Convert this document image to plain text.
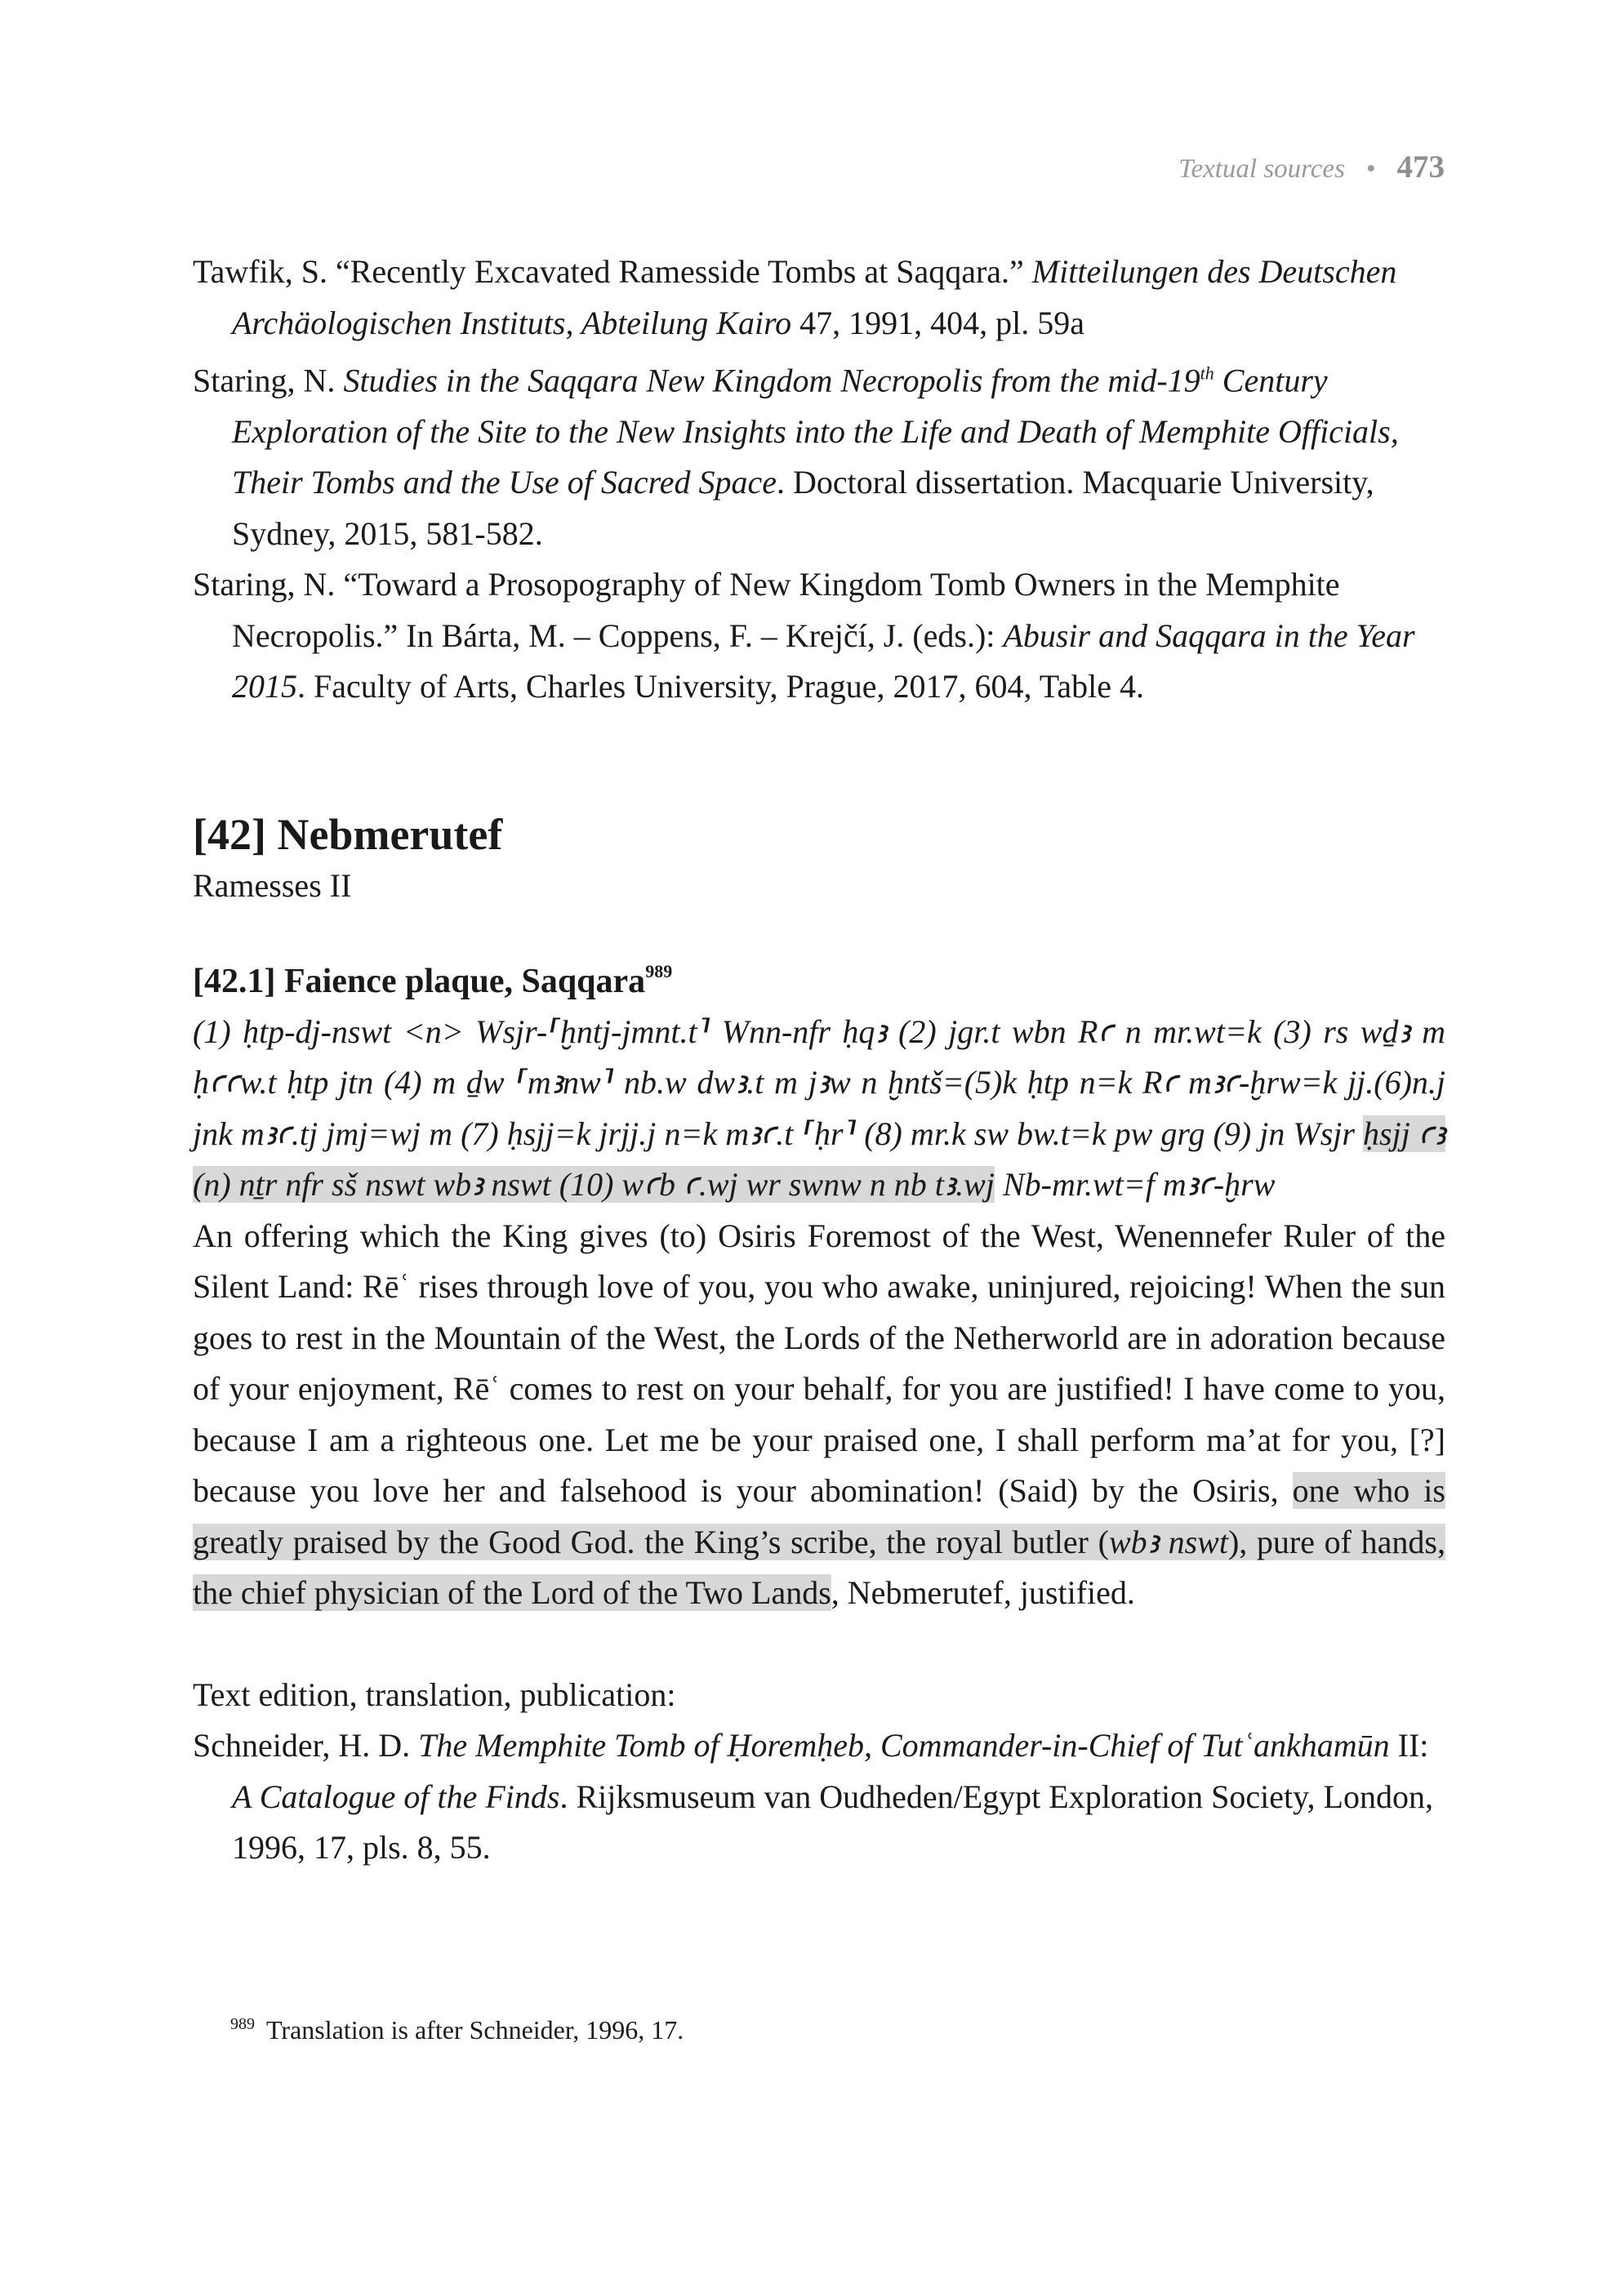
Textual sources • 473

Tawfik, S. “Recently Excavated Ramesside Tombs at Saqqara.” Mitteilungen des Deutschen Archäologischen Instituts, Abteilung Kairo 47, 1991, 404, pl. 59a

Staring, N. Studies in the Saqqara New Kingdom Necropolis from the mid-19th Century Exploration of the Site to the New Insights into the Life and Death of Memphite Officials, Their Tombs and the Use of Sacred Space. Doctoral dissertation. Macquarie University, Sydney, 2015, 581-582.

Staring, N. “Toward a Prosopography of New Kingdom Tomb Owners in the Memphite Necropolis.” In Bárta, M. – Coppens, F. – Krejčí, J. (eds.): Abusir and Saqqara in the Year 2015. Faculty of Arts, Charles University, Prague, 2017, 604, Table 4.

[42] Nebmerutef

Ramesses II

[42.1] Faience plaque, Saqqara$^{989}$

(1) ḥtp-dj-nswt <n> Wsjr-⸢ḫntj-jmnt.t⸣ Wnn-nfr ḥqꜣ (2) jgr.t wbn Rꜥ n mr.wt=k (3) rs wḏꜣ m ḥꜥꜥw.t ḥtp jtn (4) m ḏw ⸢mꜣnw⸣ nb.w dwꜣ.t m jꜣw n ḫntš=(5)k ḥtp n=k Rꜥ mꜣꜥ-ḫrw=k jj.(6)n.j jnk mꜣꜥ.tj jmj=wj m (7) ḥsjj=k jrjj.j n=k mꜣꜥ.t ⸢ḥr⸣ (8) mr.k sw bw.t=k pw grg (9) jn Wsjr ḥsjj ꜥꜣ (n) nṯr nfr sš nswt wbꜣ nswt (10) wꜥb ꜥ.wj wr swnw n nb tꜣ.wj Nb-mr.wt=f mꜣꜥ-ḫrw

An offering which the King gives (to) Osiris Foremost of the West, Wenennefer Ruler of the Silent Land: Rēʿ rises through love of you, you who awake, uninjured, rejoicing! When the sun goes to rest in the Mountain of the West, the Lords of the Netherworld are in adoration because of your enjoyment, Rēʿ comes to rest on your behalf, for you are justified! I have come to you, because I am a righteous one. Let me be your praised one, I shall perform ma’at for you, [?] because you love her and falsehood is your abomination! (Said) by the Osiris, one who is greatly praised by the Good God. the King’s scribe, the royal butler (wbꜣ nswt), pure of hands, the chief physician of the Lord of the Two Lands, Nebmerutef, justified.

Text edition, translation, publication:

Schneider, H. D. The Memphite Tomb of Ḥoremḥeb, Commander-in-Chief of Tutʿankhamūn II: A Catalogue of the Finds. Rijksmuseum van Oudheden/Egypt Exploration Society, London, 1996, 17, pls. 8, 55.

$^{989}$ Translation is after Schneider, 1996, 17.
